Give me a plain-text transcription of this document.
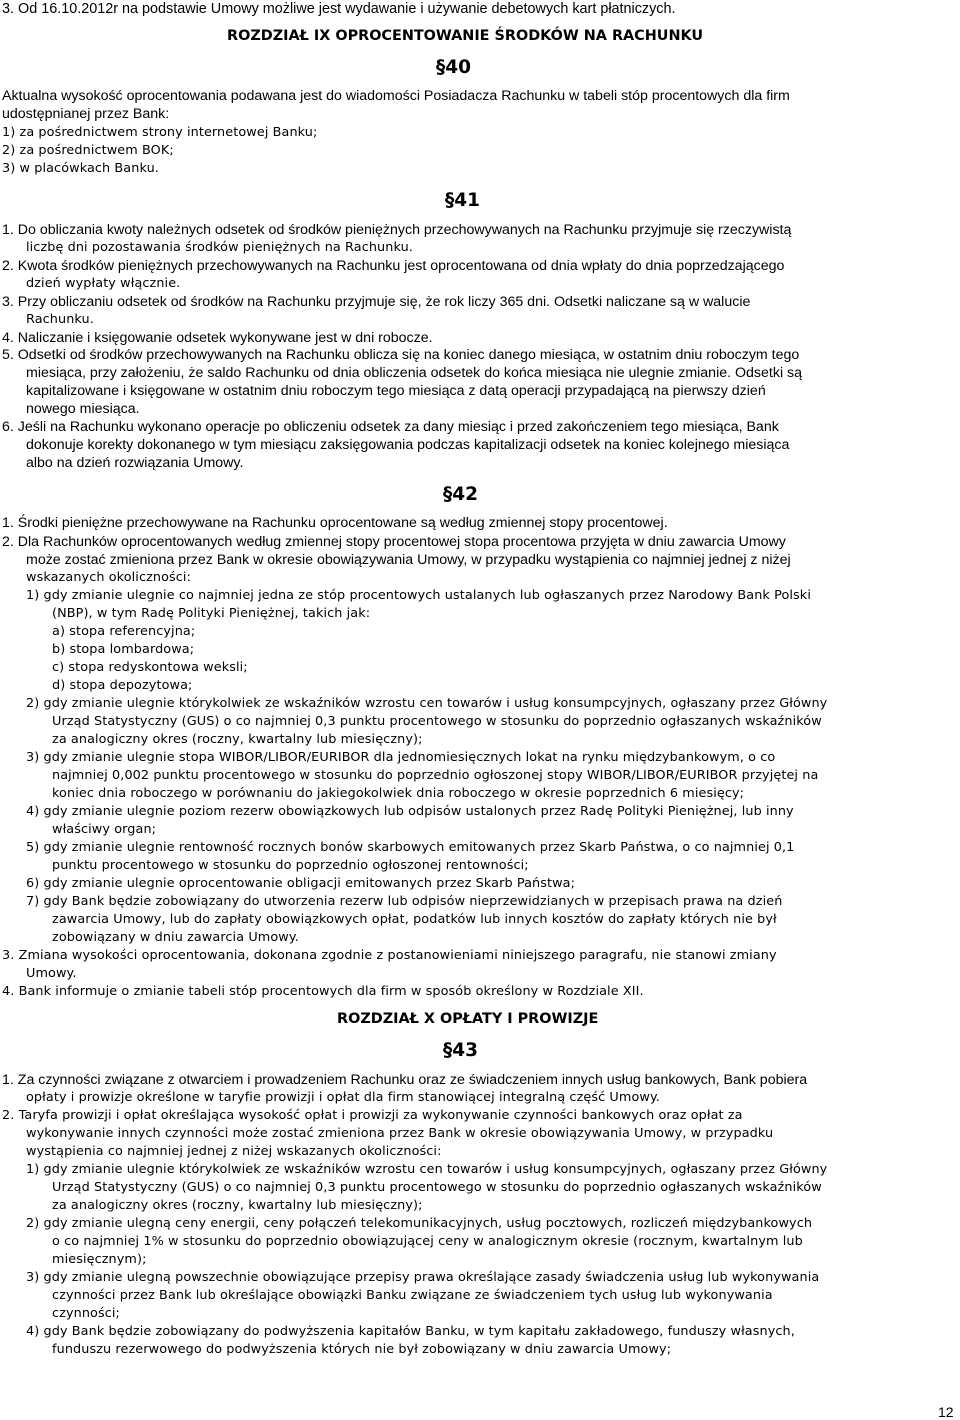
3. Od 16.10.2012r na podstawie Umowy możliwe jest wydawanie i używanie debetowych kart płatniczych.
ROZDZIAŁ IX OPROCENTOWANIE ŚRODKÓW NA RACHUNKU
§40
Aktualna wysokość oprocentowania podawana jest do wiadomości Posiadacza Rachunku w tabeli stóp procentowych dla firm
udostępnianej przez Bank:
1) za pośrednictwem strony internetowej Banku;
2) za pośrednictwem BOK;
3) w placówkach Banku.
§41
1. Do obliczania kwoty należnych odsetek od środków pieniężnych przechowywanych na Rachunku przyjmuje się rzeczywistą
liczbę dni pozostawania środków pieniężnych na Rachunku.
2. Kwota środków pieniężnych przechowywanych na Rachunku jest oprocentowana od dnia wpłaty do dnia poprzedzającego
dzień wypłaty włącznie.
3. Przy obliczaniu odsetek od środków na Rachunku przyjmuje się, że rok liczy 365 dni. Odsetki naliczane są w walucie
Rachunku.
4. Naliczanie i księgowanie odsetek wykonywane jest w dni robocze.
5. Odsetki od środków przechowywanych na Rachunku oblicza się na koniec danego miesiąca, w ostatnim dniu roboczym tego
miesiąca, przy założeniu, że saldo Rachunku od dnia obliczenia odsetek do końca miesiąca nie ulegnie zmianie. Odsetki są
kapitalizowane i księgowane w ostatnim dniu roboczym tego miesiąca z datą operacji przypadającą na pierwszy dzień
nowego miesiąca.
6. Jeśli na Rachunku wykonano operacje po obliczeniu odsetek za dany miesiąc i przed zakończeniem tego miesiąca, Bank
dokonuje korekty dokonanego w tym miesiącu zaksięgowania podczas kapitalizacji odsetek na koniec kolejnego miesiąca
albo na dzień rozwiązania Umowy.
§42
1. Środki pieniężne przechowywane na Rachunku oprocentowane są według zmiennej stopy procentowej.
2. Dla Rachunków oprocentowanych według zmiennej stopy procentowej stopa procentowa przyjęta w dniu zawarcia Umowy
może zostać zmieniona przez Bank w okresie obowiązywania Umowy, w przypadku wystąpienia co najmniej jednej z niżej
wskazanych okoliczności:
1) gdy zmianie ulegnie co najmniej jedna ze stóp procentowych ustalanych lub ogłaszanych przez Narodowy Bank Polski
(NBP), w tym Radę Polityki Pieniężnej, takich jak:
a) stopa referencyjna;
b) stopa lombardowa;
c) stopa redyskontowa weksli;
d) stopa depozytowa;
2) gdy zmianie ulegnie którykolwiek ze wskaźników wzrostu cen towarów i usług konsumpcyjnych, ogłaszany przez Główny
Urząd Statystyczny (GUS) o co najmniej 0,3 punktu procentowego w stosunku do poprzednio ogłaszanych wskaźników
za analogiczny okres (roczny, kwartalny lub miesięczny);
3) gdy zmianie ulegnie stopa WIBOR/LIBOR/EURIBOR dla jednomiesięcznych lokat na rynku międzybankowym, o co
najmniej 0,002 punktu procentowego w stosunku do poprzednio ogłoszonej stopy WIBOR/LIBOR/EURIBOR przyjętej na
koniec dnia roboczego w porównaniu do jakiegokolwiek dnia roboczego w okresie poprzednich 6 miesięcy;
4) gdy zmianie ulegnie poziom rezerw obowiązkowych lub odpisów ustalonych przez Radę Polityki Pieniężnej, lub inny
właściwy organ;
5) gdy zmianie ulegnie rentowność rocznych bonów skarbowych emitowanych przez Skarb Państwa, o co najmniej 0,1
punktu procentowego w stosunku do poprzednio ogłoszonej rentowności;
6) gdy zmianie ulegnie oprocentowanie obligacji emitowanych przez Skarb Państwa;
7) gdy Bank będzie zobowiązany do utworzenia rezerw lub odpisów nieprzewidzianych w przepisach prawa na dzień
zawarcia Umowy, lub do zapłaty obowiązkowych opłat, podatków lub innych kosztów do zapłaty których nie był
zobowiązany w dniu zawarcia Umowy.
3. Zmiana wysokości oprocentowania, dokonana zgodnie z postanowieniami niniejszego paragrafu, nie stanowi zmiany
Umowy.
4. Bank informuje o zmianie tabeli stóp procentowych dla firm w sposób określony w Rozdziale XII.
ROZDZIAŁ X OPŁATY I PROWIZJE
§43
1. Za czynności związane z otwarciem i prowadzeniem Rachunku oraz ze świadczeniem innych usług bankowych, Bank pobiera
opłaty i prowizje określone w taryfie prowizji i opłat dla firm stanowiącej integralną część Umowy.
2. Taryfa prowizji i opłat określająca wysokość opłat i prowizji za wykonywanie czynności bankowych oraz opłat za
wykonywanie innych czynności może zostać zmieniona przez Bank w okresie obowiązywania Umowy, w przypadku
wystąpienia co najmniej jednej z niżej wskazanych okoliczności:
1) gdy zmianie ulegnie którykolwiek ze wskaźników wzrostu cen towarów i usług konsumpcyjnych, ogłaszany przez Główny
Urząd Statystyczny (GUS) o co najmniej 0,3 punktu procentowego w stosunku do poprzednio ogłaszanych wskaźników
za analogiczny okres (roczny, kwartalny lub miesięczny);
2) gdy zmianie ulegną ceny energii, ceny połączeń telekomunikacyjnych, usług pocztowych, rozliczeń międzybankowych
o co najmniej 1% w stosunku do poprzednio obowiązującej ceny w analogicznym okresie (rocznym, kwartalnym lub
miesięcznym);
3) gdy zmianie ulegną powszechnie obowiązujące przepisy prawa określające zasady świadczenia usług lub wykonywania
czynności przez Bank lub określające obowiązki Banku związane ze świadczeniem tych usług lub wykonywania
czynności;
4) gdy Bank będzie zobowiązany do podwyższenia kapitałów Banku, w tym kapitału zakładowego, funduszy własnych,
funduszu rezerwowego do podwyższenia których nie był zobowiązany w dniu zawarcia Umowy;
12
